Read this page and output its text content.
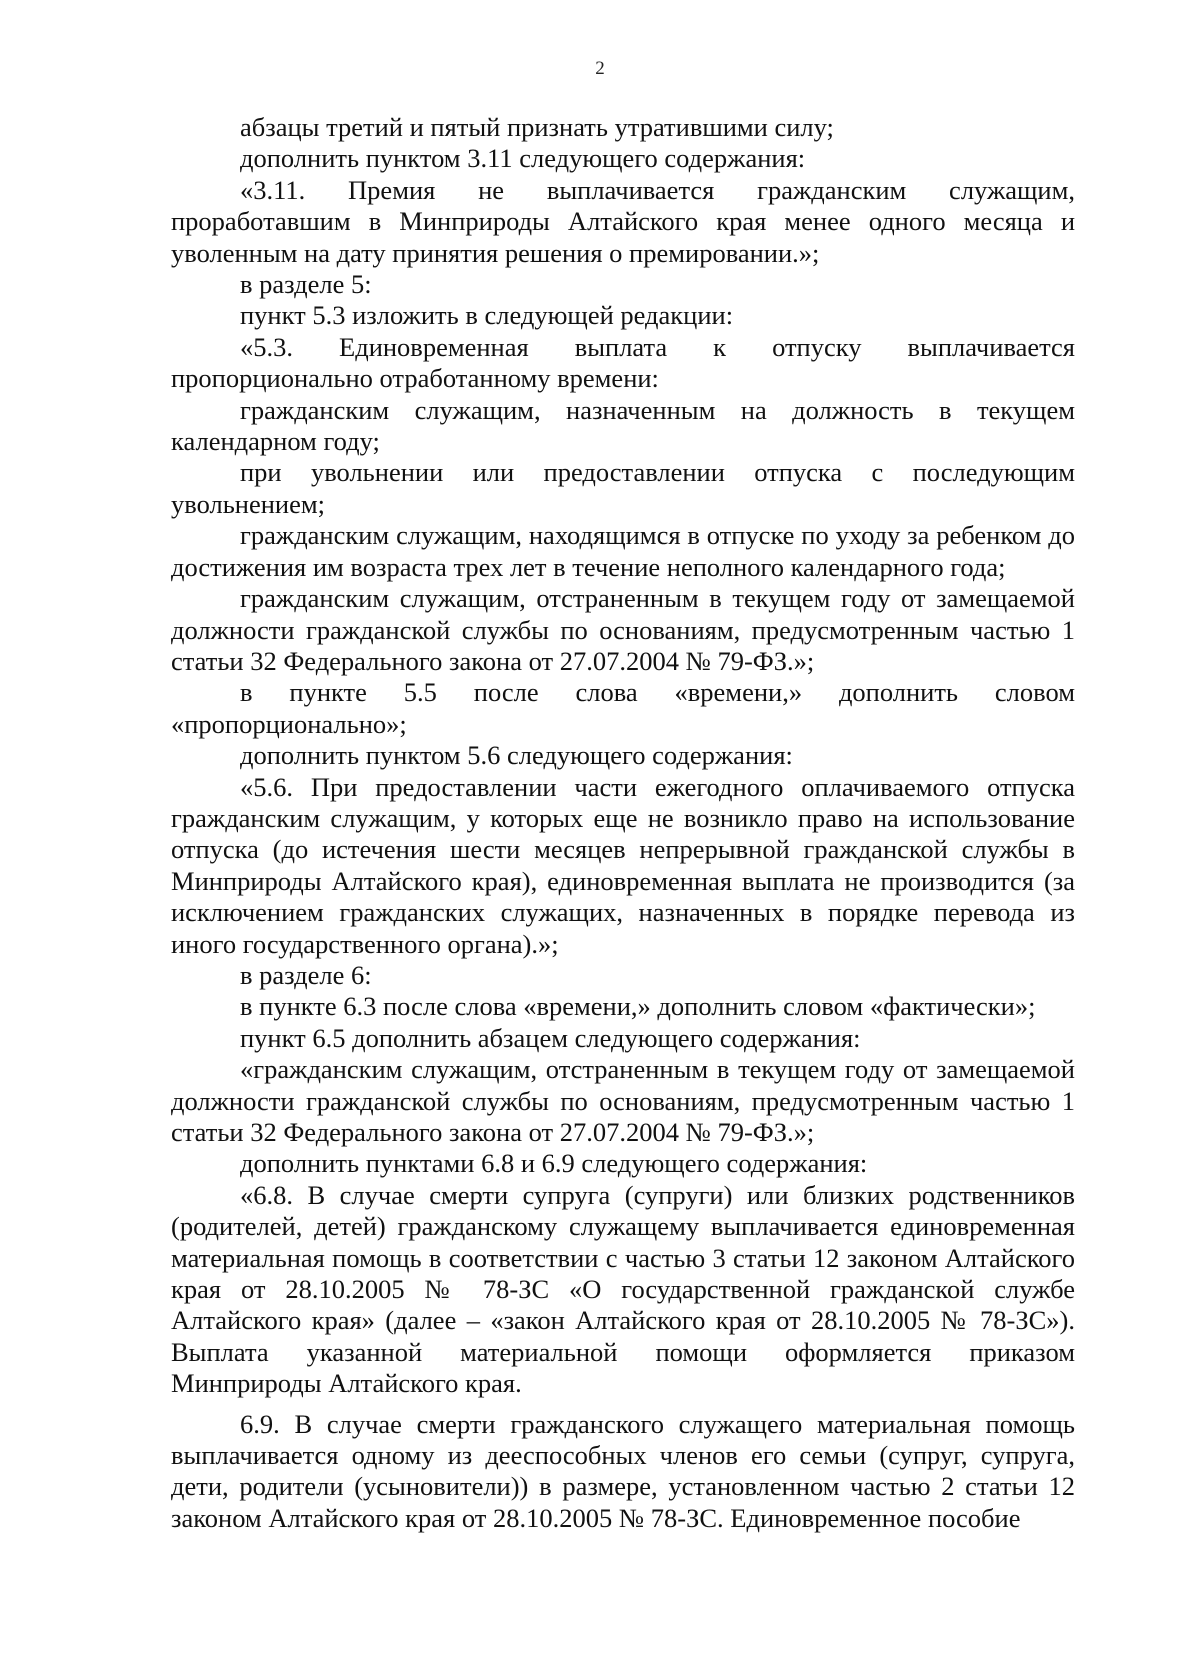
2

абзацы третий и пятый признать утратившими силу;

дополнить пунктом 3.11 следующего содержания:

«3.11. Премия не выплачивается гражданским служащим, проработавшим в Минприроды Алтайского края менее одного месяца и уволенным на дату принятия решения о премировании.»;

в разделе 5:

пункт 5.3 изложить в следующей редакции:

«5.3. Единовременная выплата к отпуску выплачивается пропорционально отработанному времени:

гражданским служащим, назначенным на должность в текущем календарном году;

при увольнении или предоставлении отпуска с последующим увольнением;

гражданским служащим, находящимся в отпуске по уходу за ребенком до достижения им возраста трех лет в течение неполного календарного года;

гражданским служащим, отстраненным в текущем году от замещаемой должности гражданской службы по основаниям, предусмотренным частью 1 статьи 32 Федерального закона от 27.07.2004 № 79-ФЗ.»;

в пункте 5.5 после слова «времени,» дополнить словом «пропорционально»;

дополнить пунктом 5.6 следующего содержания:

«5.6. При предоставлении части ежегодного оплачиваемого отпуска гражданским служащим, у которых еще не возникло право на использование отпуска (до истечения шести месяцев непрерывной гражданской службы в Минприроды Алтайского края), единовременная выплата не производится (за исключением гражданских служащих, назначенных в порядке перевода из иного государственного органа).»;

в разделе 6:

в пункте 6.3 после слова «времени,» дополнить словом «фактически»;

пункт 6.5 дополнить абзацем следующего содержания:

«гражданским служащим, отстраненным в текущем году от замещаемой должности гражданской службы по основаниям, предусмотренным частью 1 статьи 32 Федерального закона от 27.07.2004 № 79-ФЗ.»;

дополнить пунктами 6.8 и 6.9 следующего содержания:

«6.8. В случае смерти супруга (супруги) или близких родственников (родителей, детей) гражданскому служащему выплачивается единовременная материальная помощь в соответствии с частью 3 статьи 12 законом Алтайского края от 28.10.2005 № 78-ЗС «О государственной гражданской службе Алтайского края» (далее – «закон Алтайского края от 28.10.2005 № 78-ЗС»). Выплата указанной материальной помощи оформляется приказом Минприроды Алтайского края.

6.9. В случае смерти гражданского служащего материальная помощь выплачивается одному из дееспособных членов его семьи (супруг, супруга, дети, родители (усыновители)) в размере, установленном частью 2 статьи 12 законом Алтайского края от 28.10.2005 № 78-ЗС. Единовременное пособие
